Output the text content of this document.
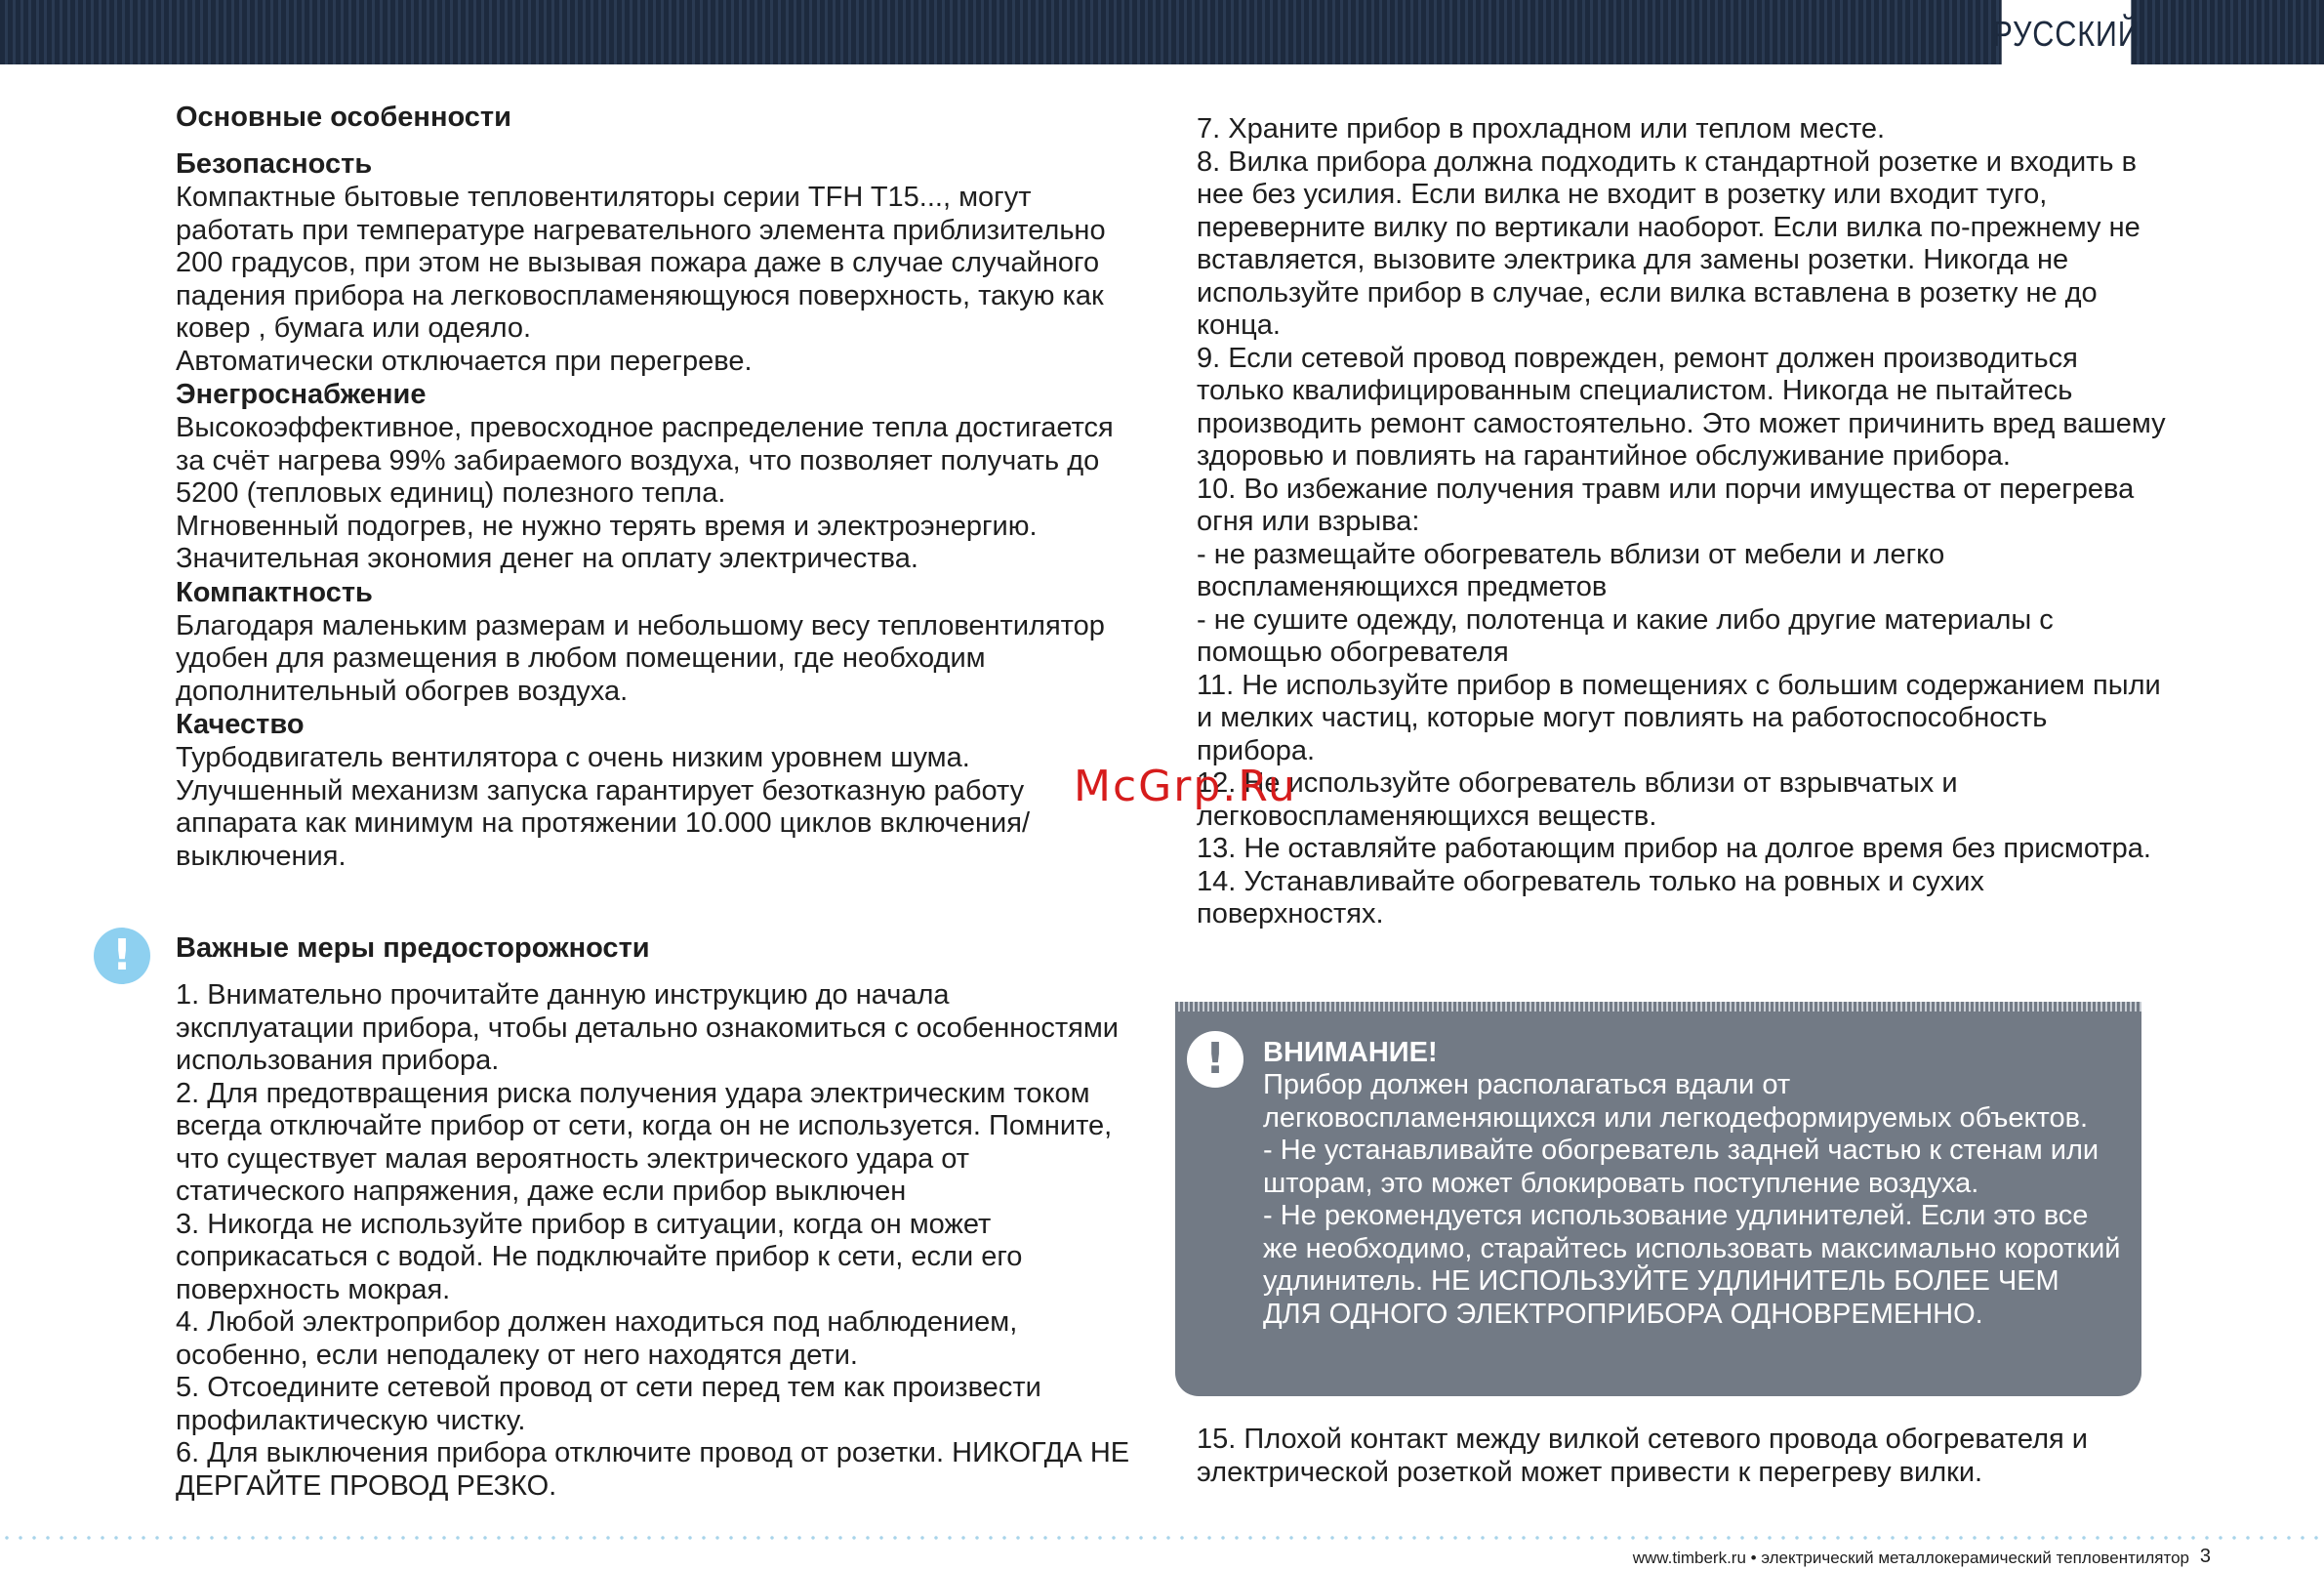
РУССКИЙ
Основные особенности
Безопасность

Компактные бытовые тепловентиляторы серии TFH T15..., могут работать при температуре нагревательного элемента приблизительно 200 градусов, при этом не вызывая пожара даже в случае случайного падения прибора на легковоспламеняющуюся поверхность, такую как ковер , бумага или одеяло.

Автоматически отключается при перегреве.

Энегроснабжение

Высокоэффективное, превосходное распределение тепла достигается за счёт нагрева 99% забираемого воздуха, что позволяет получать до 5200 (тепловых единиц) полезного тепла.

Мгновенный подогрев, не нужно терять время и электроэнергию.

Значительная экономия денег на оплату электричества.

Компактность

Благодаря маленьким размерам и небольшому весу тепловентилятор удобен для размещения в любом помещении, где необходим дополнительный обогрев воздуха.

Качество

Турбодвигатель вентилятора с очень низким уровнем шума.

Улучшенный механизм запуска гарантирует безотказную работу аппарата как минимум на протяжении 10.000 циклов включения/выключения.

!	Важные меры предосторожности

1. Внимательно прочитайте данную инструкцию до начала эксплуатации прибора, чтобы детально ознакомиться с особенностями использования прибора.

2. Для предотвращения риска получения удара электрическим током всегда отключайте прибор от сети, когда он не используется. Помните, что существует малая вероятность электрического удара от статического напряжения, даже если прибор выключен

3. Никогда не используйте прибор в ситуации, когда он может соприкасаться с водой. Не подключайте прибор к сети, если его поверхность мокрая.

4. Любой электроприбор должен находиться под наблюдением, особенно, если неподалеку от него находятся дети.

5. Отсоедините сетевой провод от сети перед тем как произвести профилактическую чистку.

6. Для выключения прибора отключите провод от розетки. НИКОГДА НЕ ДЕРГАЙТЕ ПРОВОД РЕЗКО.

7. Храните прибор в прохладном или теплом месте.

8. Вилка прибора должна подходить к стандартной розетке и входить в нее без усилия. Если вилка не входит в розетку или входит туго, переверните вилку по вертикали наоборот. Если вилка по-прежнему не вставляется, вызовите электрика для замены розетки. Никогда не используйте прибор в случае, если вилка вставлена в розетку не до конца.

9. Если сетевой провод поврежден, ремонт должен производиться только квалифицированным специалистом. Никогда не пытайтесь производить ремонт самостоятельно. Это может причинить вред вашему здоровью и повлиять на гарантийное обслуживание прибора.

10. Во избежание получения травм или порчи имущества от перегрева огня или взрыва:

- не размещайте обогреватель вблизи от мебели и легко воспламеняющихся предметов

- не сушите одежду, полотенца и какие либо другие материалы с помощью обогревателя

11. Не используйте прибор в помещениях с большим содержанием пыли и мелких частиц, которые могут повлиять на работоспособность прибора.

12. Не используйте обогреватель вблизи от взрывчатых и легковоспламеняющихся веществ.

13. Не оставляйте работающим прибор на долгое время без присмотра.

14. Устанавливайте обогреватель только на ровных и сухих поверхностях.

McGrp.Ru
!	ВНИМАНИЕ!

Прибор должен располагаться вдали от легковоспламеняющихся или легкодеформируемых объектов.

- Не устанавливайте обогреватель задней частью к стенам или шторам, это может блокировать поступление воздуха.

- Не рекомендуется использование удлинителей. Если это все же необходимо, старайтесь использовать максимально короткий удлинитель. НЕ ИСПОЛЬЗУЙТЕ УДЛИНИТЕЛЬ БОЛЕЕ ЧЕМ ДЛЯ ОДНОГО ЭЛЕКТРОПРИБОРА ОДНОВРЕМЕННО.

15. Плохой контакт между вилкой сетевого провода обогревателя и электрической розеткой может привести к перегреву вилки.

www.timberk.ru • электрический металлокерамический тепловентилятор 3
